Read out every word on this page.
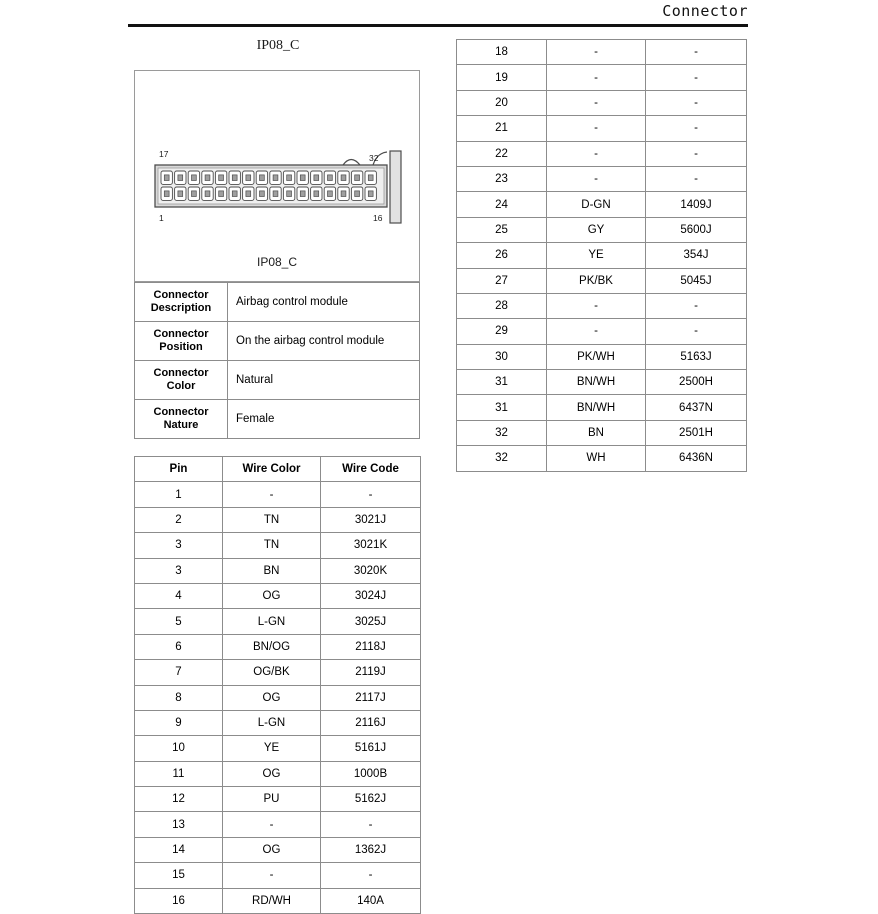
Connector
IP08_C
17	32
1	16
IP08_C
Connector
Description	Airbag control module

Connector
Position	On the airbag control module

Connector
Color	Natural

Connector
Nature	Female
Pin	Wire Color	Wire Code
1	-	-
2	TN	3021J
3	TN	3021K
3	BN	3020K
4	OG	3024J
5	L-GN	3025J
6	BN/OG	2118J
7	OG/BK	2119J
8	OG	2117J
9	L-GN	2116J
10	YE	5161J
11	OG	1000B
12	PU	5162J
13	-	-
14	OG	1362J
15	-	-
16	RD/WH	140A
18	-	-
19	-	-
20	-	-
21	-	-
22	-	-
23	-	-
24	D-GN	1409J
25	GY	5600J
26	YE	354J
27	PK/BK	5045J
28	-	-
29	-	-
30	PK/WH	5163J
31	BN/WH	2500H
31	BN/WH	6437N
32	BN	2501H
32	WH	6436N
